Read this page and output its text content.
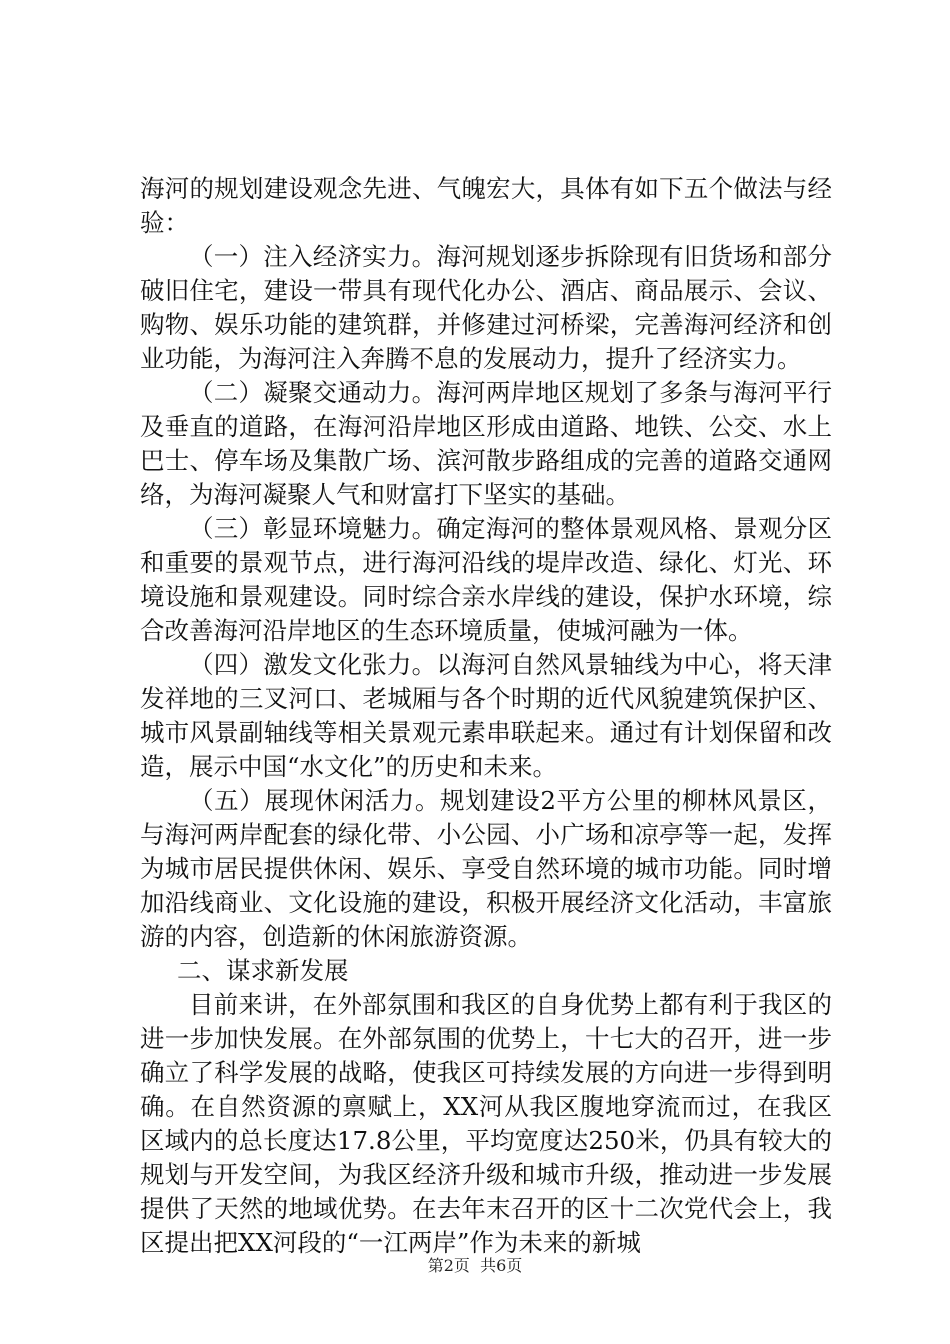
海河的规划建设观念先进、气魄宏大，具体有如下五个做法与经验：

（一）注入经济实力。海河规划逐步拆除现有旧货场和部分破旧住宅，建设一带具有现代化办公、酒店、商品展示、会议、购物、娱乐功能的建筑群，并修建过河桥梁，完善海河经济和创业功能，为海河注入奔腾不息的发展动力，提升了经济实力。

（二）凝聚交通动力。海河两岸地区规划了多条与海河平行及垂直的道路，在海河沿岸地区形成由道路、地铁、公交、水上巴士、停车场及集散广场、滨河散步路组成的完善的道路交通网络，为海河凝聚人气和财富打下坚实的基础。

（三）彰显环境魅力。确定海河的整体景观风格、景观分区和重要的景观节点，进行海河沿线的堤岸改造、绿化、灯光、环境设施和景观建设。同时综合亲水岸线的建设，保护水环境，综合改善海河沿岸地区的生态环境质量，使城河融为一体。

（四）激发文化张力。以海河自然风景轴线为中心，将天津发祥地的三叉河口、老城厢与各个时期的近代风貌建筑保护区、城市风景副轴线等相关景观元素串联起来。通过有计划保留和改造，展示中国“水文化”的历史和未来。

（五）展现休闲活力。规划建设2平方公里的柳林风景区，与海河两岸配套的绿化带、小公园、小广场和凉亭等一起，发挥为城市居民提供休闲、娱乐、享受自然环境的城市功能。同时增加沿线商业、文化设施的建设，积极开展经济文化活动，丰富旅游的内容，创造新的休闲旅游资源。

二、谋求新发展

目前来讲，在外部氛围和我区的自身优势上都有利于我区的进一步加快发展。在外部氛围的优势上，十七大的召开，进一步确立了科学发展的战略，使我区可持续发展的方向进一步得到明确。在自然资源的禀赋上，XX河从我区腹地穿流而过，在我区区域内的总长度达17.8公里，平均宽度达250米，仍具有较大的规划与开发空间，为我区经济升级和城市升级，推动进一步发展提供了天然的地域优势。在去年末召开的区十二次党代会上，我区提出把XX河段的“一江两岸”作为未来的新城

第2页  共6页
